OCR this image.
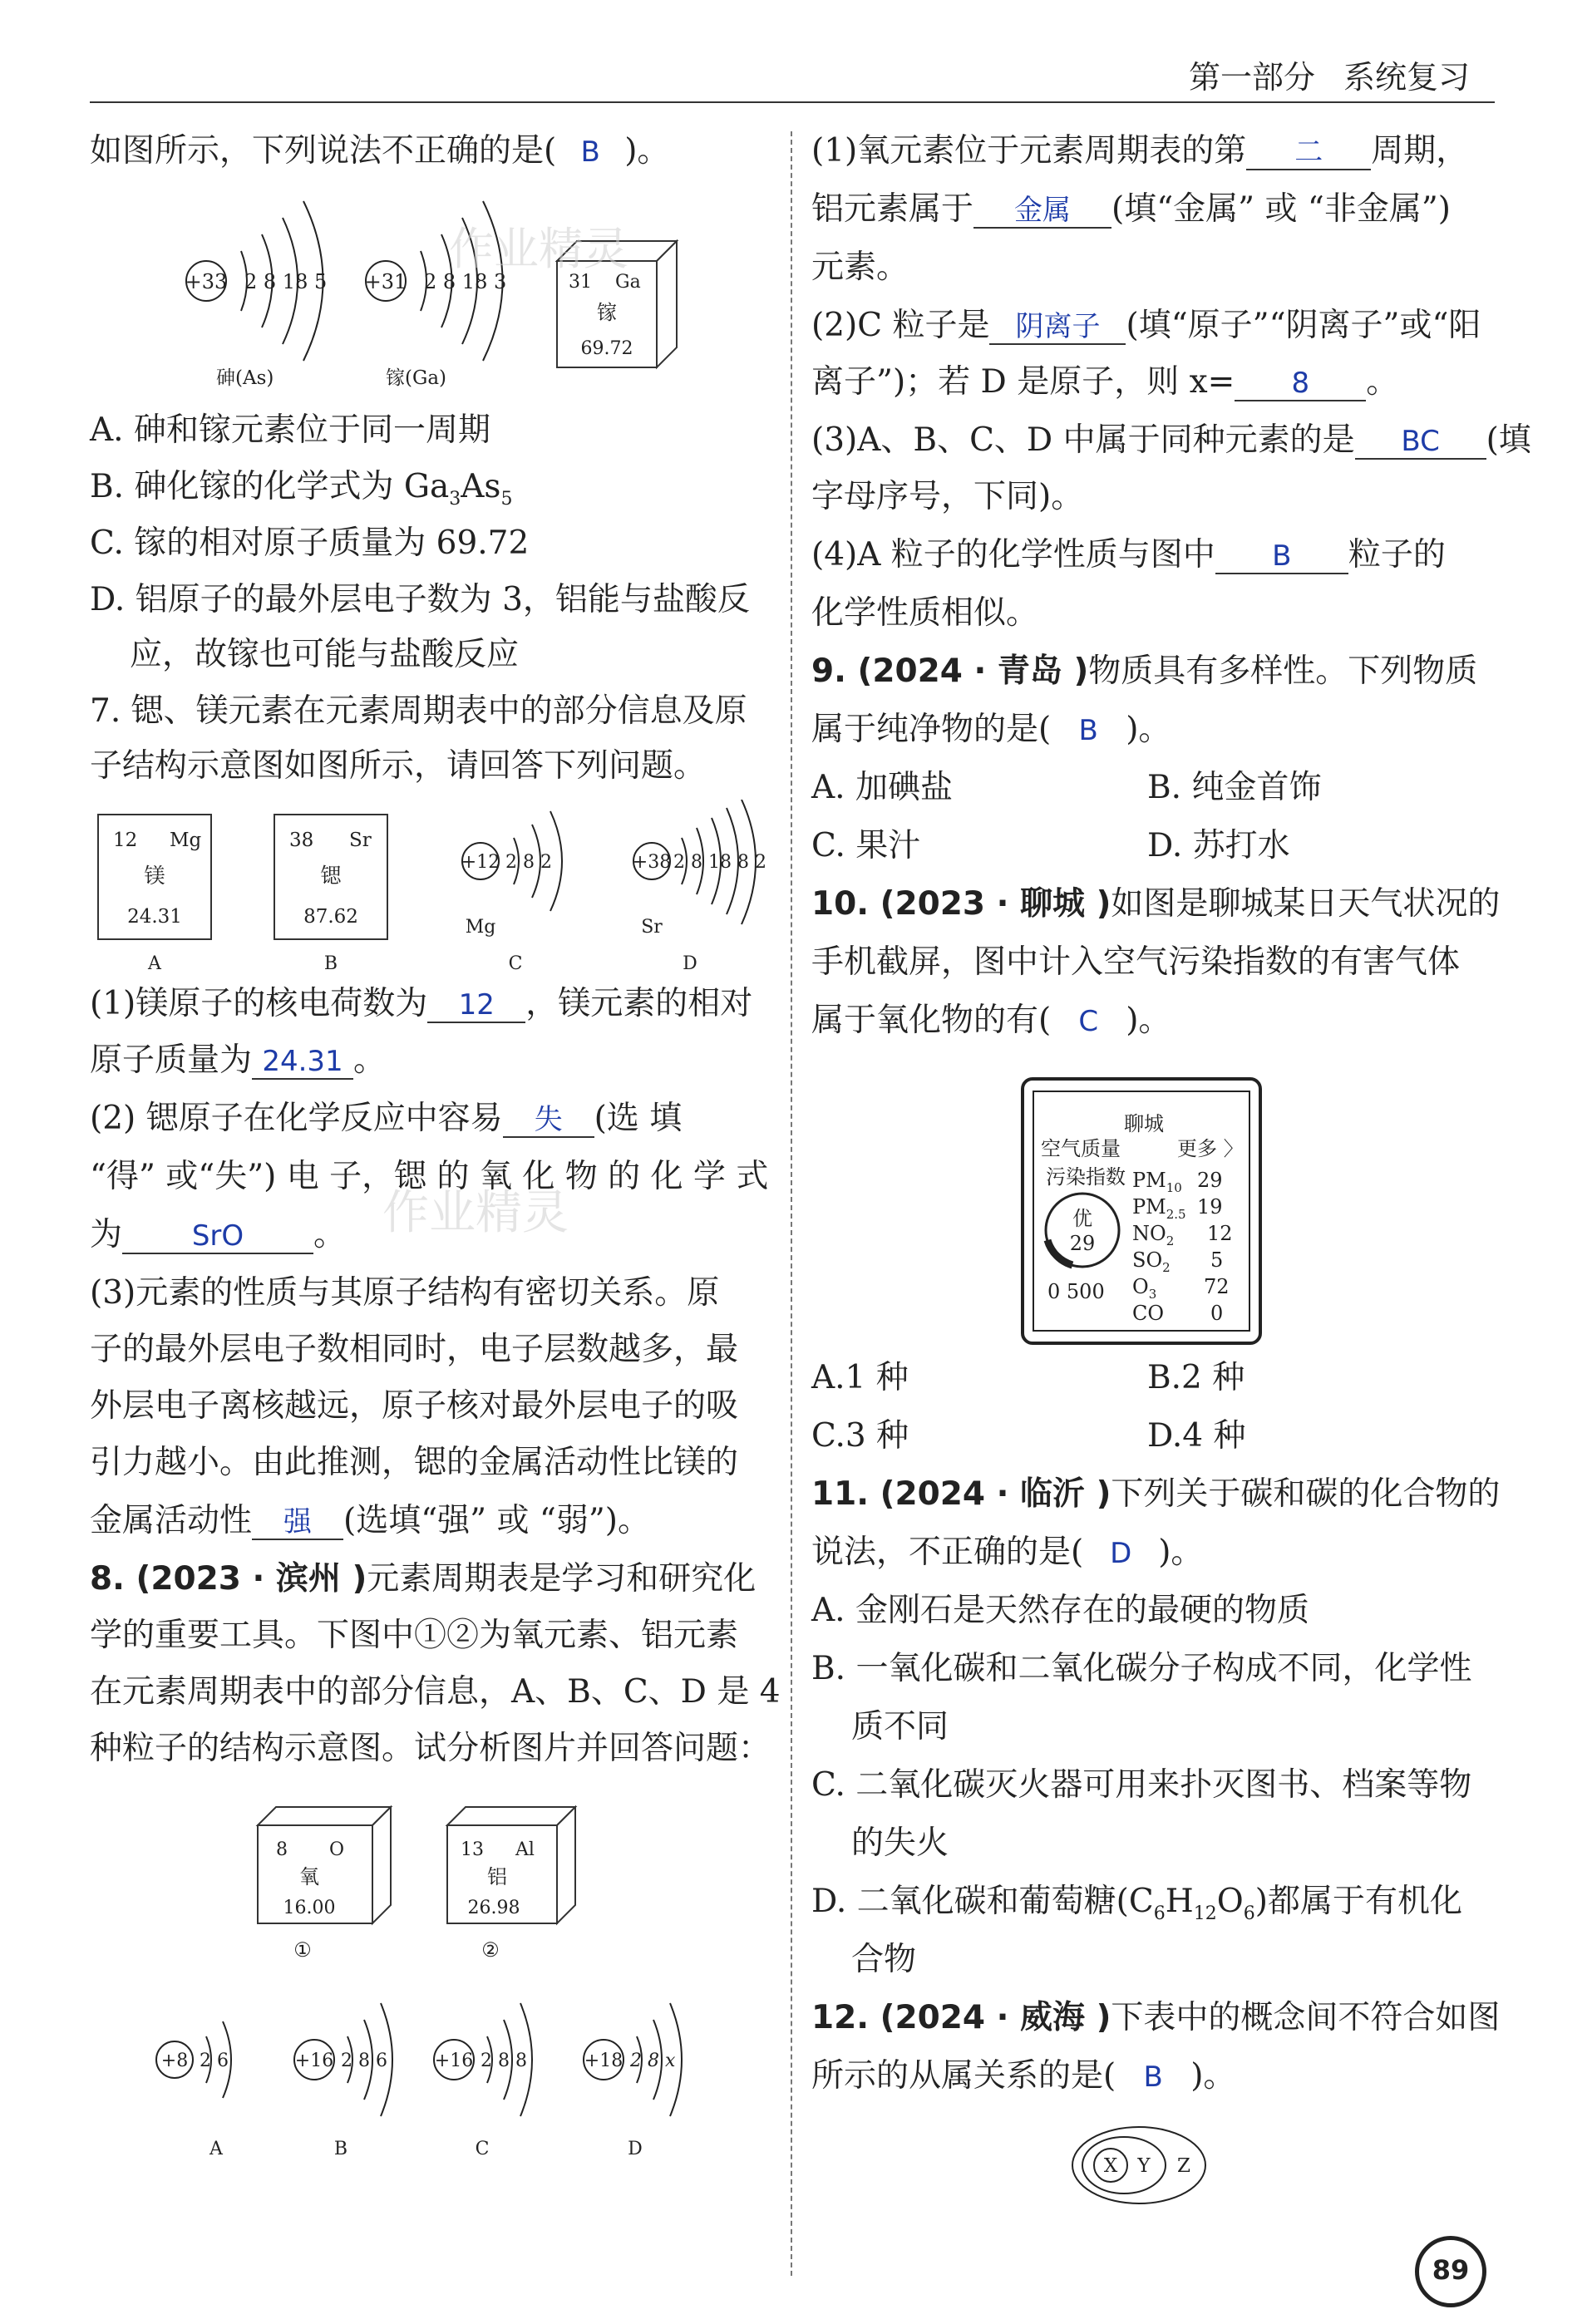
第一部分 系统复习
如图所示，下列说法不正确的是( B )。
+33 2 8 18 5
砷(As)
+31 2 8 18 3
镓(Ga)
31 Ga
镓
69.72
作业精灵
A. 砷和镓元素位于同一周期
B. 砷化镓的化学式为 $Ga_3As_5$
C. 镓的相对原子质量为 69.72
D. 铝原子的最外层电子数为 3，铝能与盐酸反
应，故镓也可能与盐酸反应
7. 锶、镁元素在元素周期表中的部分信息及原
子结构示意图如图所示，请回答下列问题。
12 Mg
镁
24.31
A
38 Sr
锶
87.62
B
+12 2 8 2
Mg
C
+38 2 8 18 8 2
Sr
D
(1)镁原子的核电荷数为 12 ，镁元素的相对
原子质量为 24.31 。
(2) 锶原子在化学反应中容易 失 (选 填
“得” 或“失”) 电 子，锶 的 氧 化 物 的 化 学 式
为 SrO 。 作业精灵
(3)元素的性质与其原子结构有密切关系。原
子的最外层电子数相同时，电子层数越多，最
外层电子离核越远，原子核对最外层电子的吸
引力越小。由此推测，锶的金属活动性比镁的
金属活动性 强 (选填“强” 或 “弱”)。
8. (2023 · 滨州 )元素周期表是学习和研究化
学的重要工具。下图中①②为氧元素、铝元素
在元素周期表中的部分信息，A、B、C、D 是 4
种粒子的结构示意图。试分析图片并回答问题：
8 O
氧
16.00
①
13 Al
铝
26.98
②
+8 2 6
A
+16 2 8 6
B
+16 2 8 8
C
+18 2 8 x
D
(1)氧元素位于元素周期表的第 二 周期，
铝元素属于 金属 (填“金属” 或 “非金属”)
元素。
(2)C 粒子是 阴离子 (填“原子”“阴离子”或“阳
离子”)；若 D 是原子，则 x= 8 。
(3)A、B、C、D 中属于同种元素的是 BC (填
字母序号，下同)。
(4)A 粒子的化学性质与图中 B 粒子的
化学性质相似。
9. (2024 · 青岛 )物质具有多样性。下列物质
属于纯净物的是( B )。
A. 加碘盐	B. 纯金首饰
C. 果汁	D. 苏打水
10. (2023 · 聊城 )如图是聊城某日天气状况的
手机截屏，图中计入空气污染指数的有害气体
属于氧化物的有( C )。
聊城
空气质量	更多 〉
污染指数
优
29
0 500
$PM_{10}$ 29
$PM_{2.5}$ 19
$NO_2$ 12
$SO_2$ 5
$O_3$ 72
CO 0
A.1 种	B.2 种
C.3 种	D.4 种
11. (2024 · 临沂 )下列关于碳和碳的化合物的
说法，不正确的是( D )。
A. 金刚石是天然存在的最硬的物质
B. 一氧化碳和二氧化碳分子构成不同，化学性
质不同
C. 二氧化碳灭火器可用来扑灭图书、档案等物
的失火
D. 二氧化碳和葡萄糖$(C_6H_{12}O_6)$都属于有机化
合物
12. (2024 · 威海 )下表中的概念间不符合如图
所示的从属关系的是( B )。
X Y Z
89
